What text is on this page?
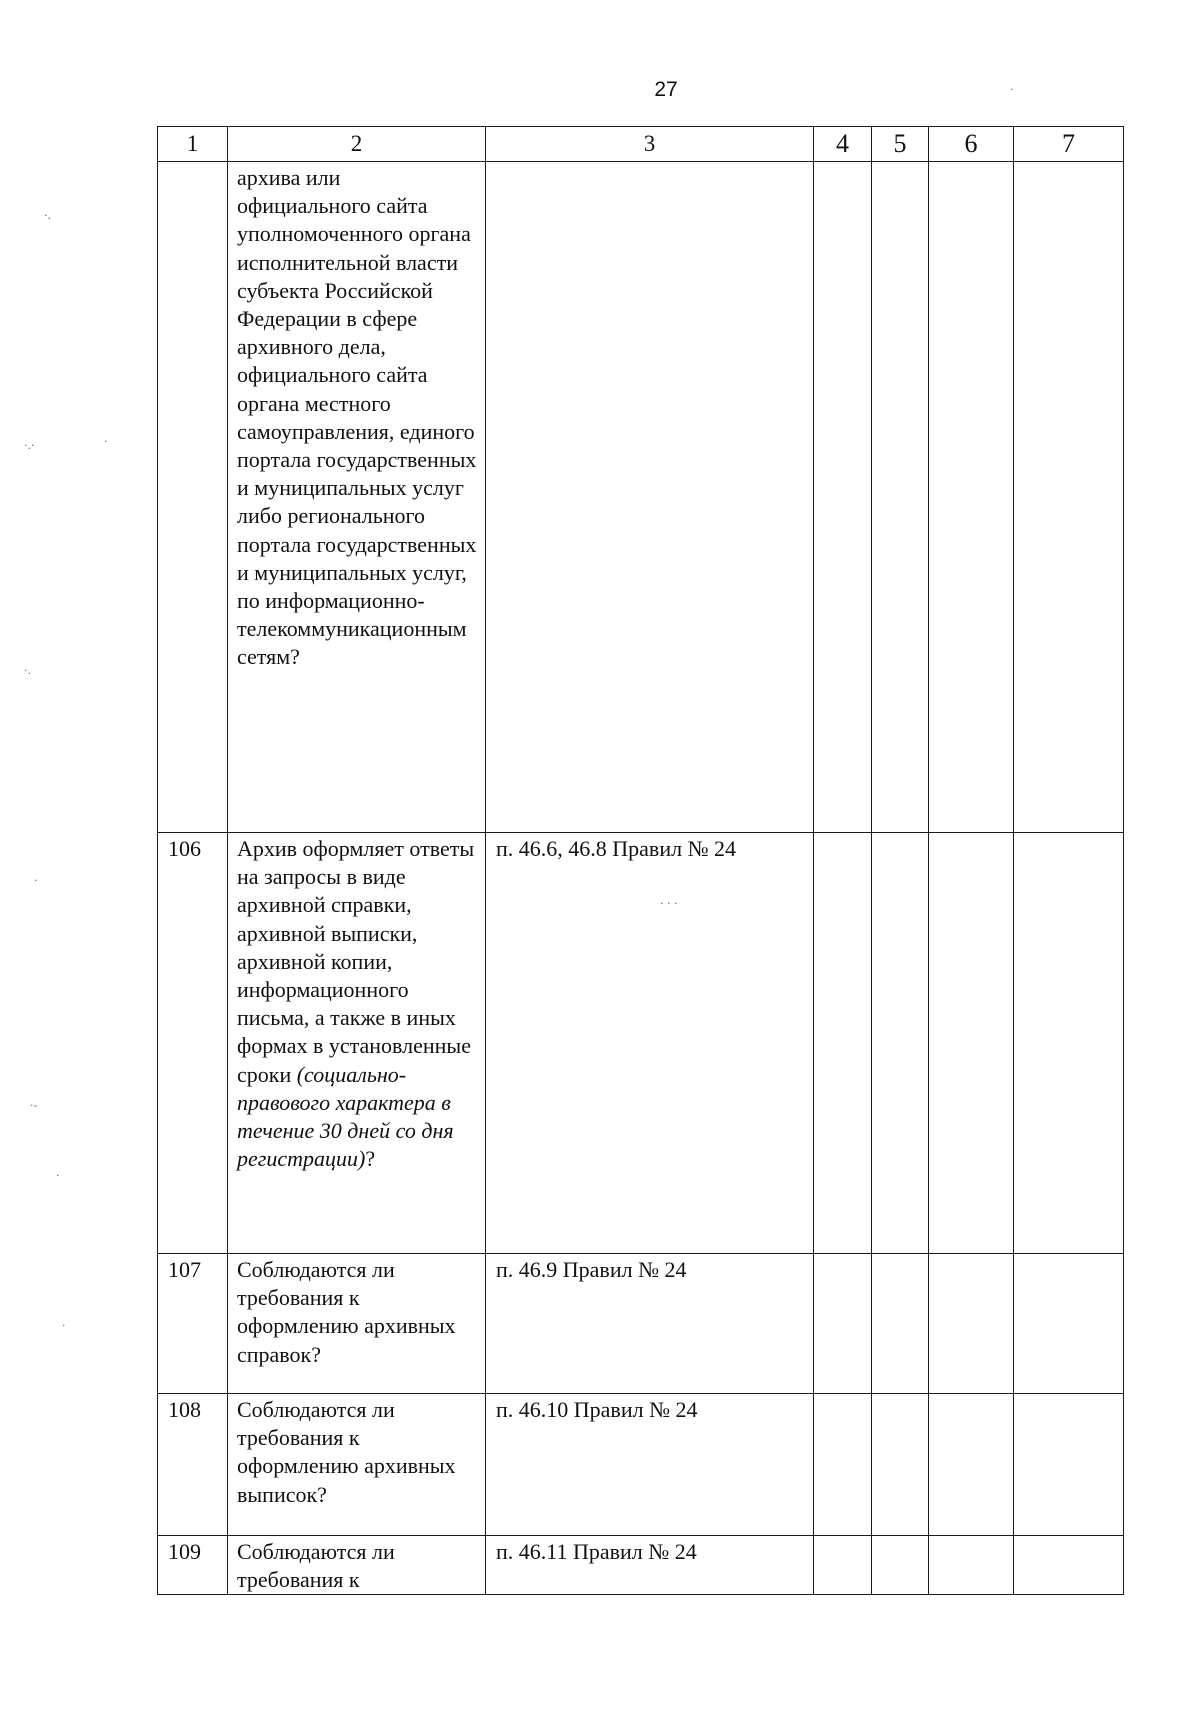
27
1	2	3	4	5	6	7
	архива или официального сайта уполномоченного органа исполнительной власти субъекта Российской Федерации в сфере архивного дела, официального сайта органа местного самоуправления, единого портала государственных и муниципальных услуг либо регионального портала государственных и муниципальных услуг, по информационно-телекоммуникационным сетям?					
106	Архив оформляет ответы на запросы в виде архивной справки, архивной выписки, архивной копии, информационного письма, а также в иных формах в установленные сроки (социально-правового характера в течение 30 дней со дня регистрации)?	п. 46.6, 46.8 Правил № 24				
107	Соблюдаются ли требования к оформлению архивных справок?	п. 46.9 Правил № 24				
108	Соблюдаются ли требования к оформлению архивных выписок?	п. 46.10 Правил № 24				
109	Соблюдаются ли требования к	п. 46.11 Правил № 24				
·.
·.·	·
·.
·
·-
·
·
·
· · ·
